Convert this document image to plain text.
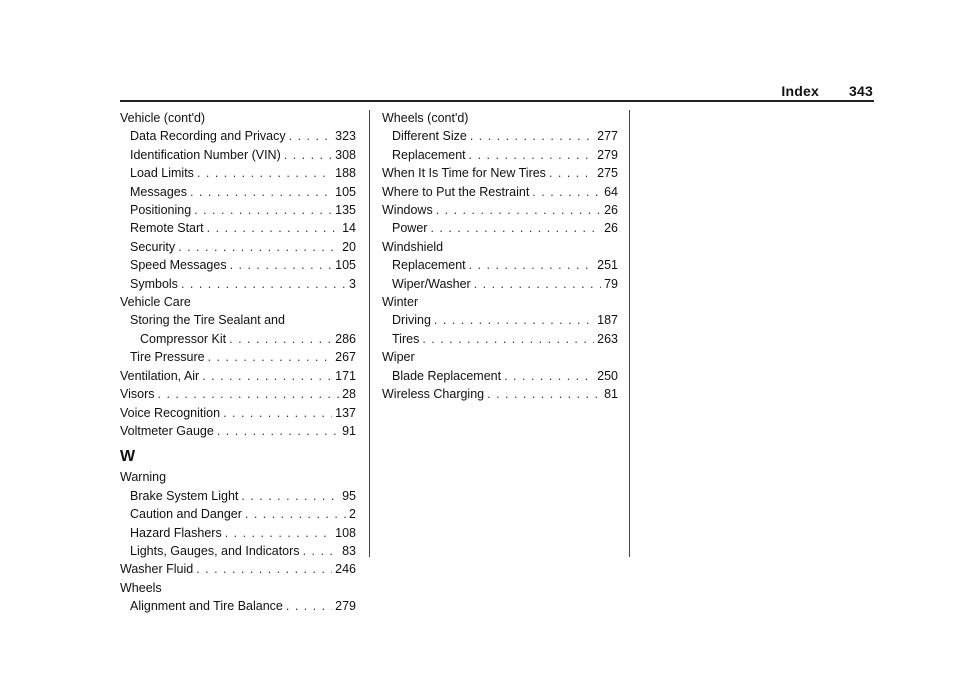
Index 343
Vehicle (cont'd)
Data Recording and Privacy . . .	323
Identification Number (VIN) . . .	308
Load Limits . . .	188
Messages . . .	105
Positioning . . .	135
Remote Start . . .	14
Security . . .	20
Speed Messages . . .	105
Symbols . . .	3
Vehicle Care
Storing the Tire Sealant and
Compressor Kit . . .	286
Tire Pressure . . .	267
Ventilation, Air . . .	171
Visors . . .	28
Voice Recognition . . .	137
Voltmeter Gauge . . .	91
W
Warning
Brake System Light . . .	95
Caution and Danger . . .	2
Hazard Flashers . . .	108
Lights, Gauges, and Indicators . . .	83
Washer Fluid . . .	246
Wheels
Alignment and Tire Balance . . .	279
Wheels (cont'd)
Different Size . . .	277
Replacement . . .	279
When It Is Time for New Tires . . .	275
Where to Put the Restraint . . .	64
Windows . . .	26
Power . . .	26
Windshield
Replacement . . .	251
Wiper/Washer . . .	79
Winter
Driving . . .	187
Tires . . .	263
Wiper
Blade Replacement . . .	250
Wireless Charging . . .	81
